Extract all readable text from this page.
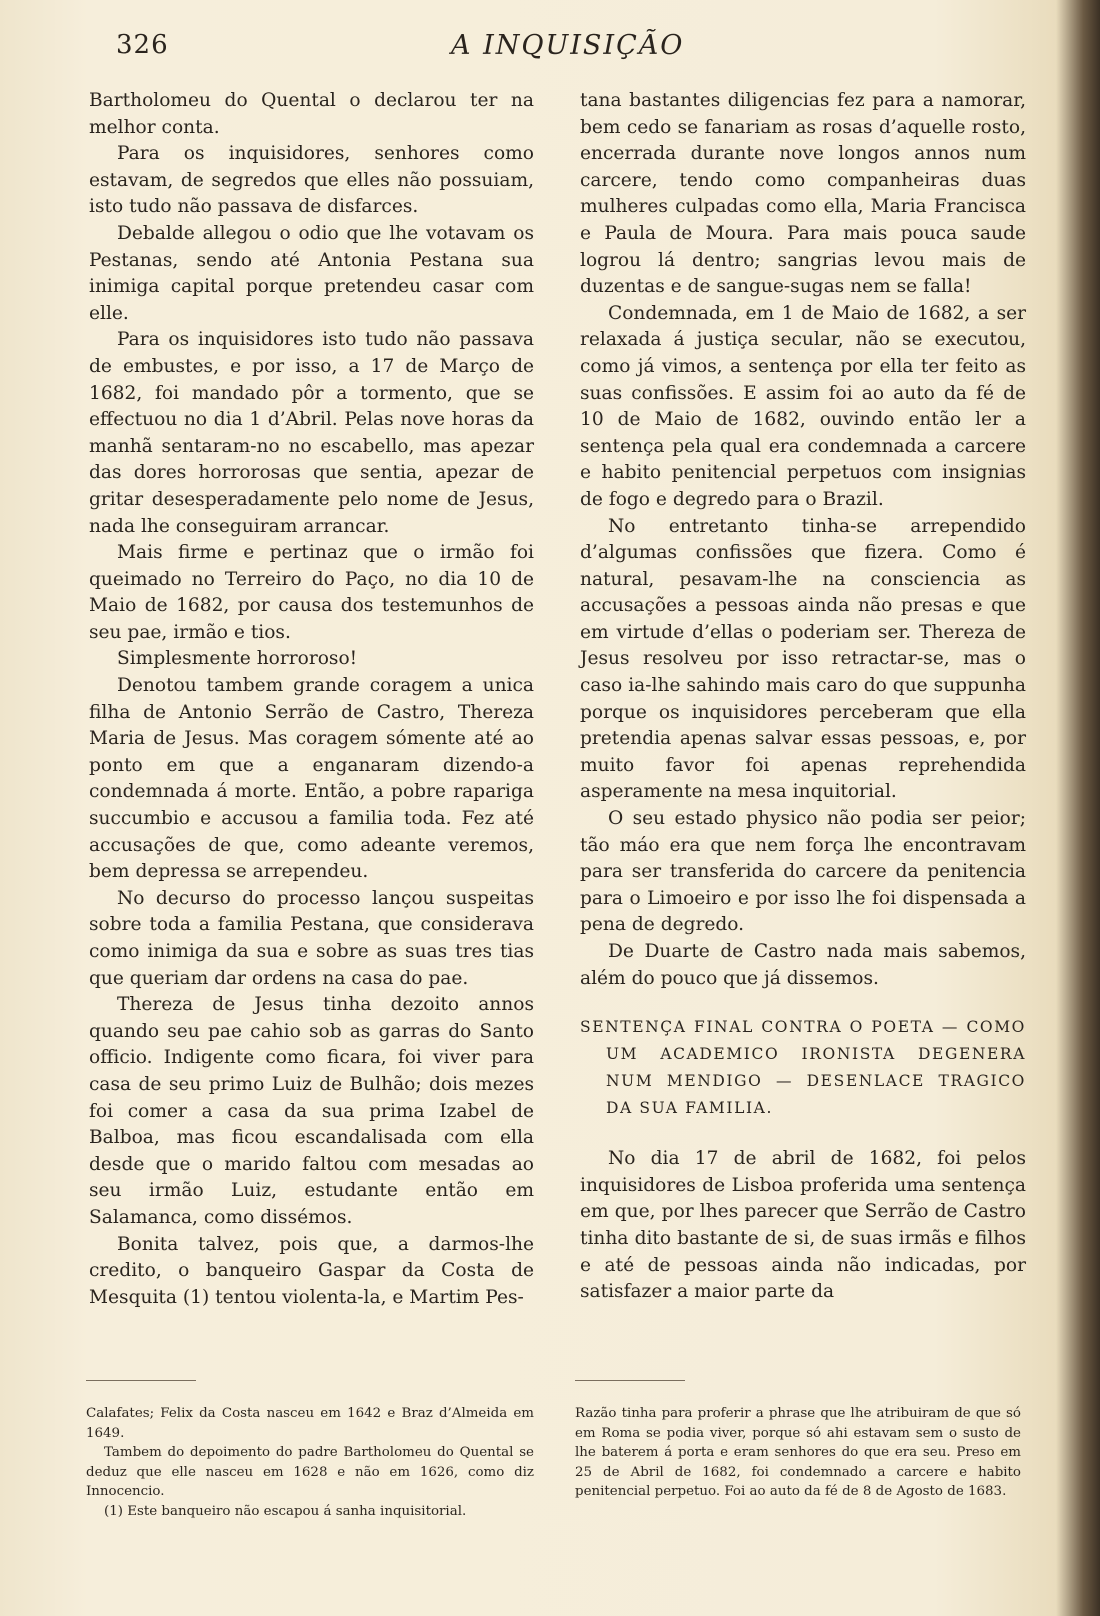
326	A INQUISIÇÃO

Bartholomeu do Quental o declarou ter na melhor conta.

Para os inquisidores, senhores como estavam, de segredos que elles não possuiam, isto tudo não passava de disfarces.

Debalde allegou o odio que lhe votavam os Pestanas, sendo até Antonia Pestana sua inimiga capital porque pretendeu casar com elle.

Para os inquisidores isto tudo não passava de embustes, e por isso, a 17 de Março de 1682, foi mandado pôr a tormento, que se effectuou no dia 1 d’Abril. Pelas nove horas da manhã sentaram-no no escabello, mas apezar das dores horrorosas que sentia, apezar de gritar desesperadamente pelo nome de Jesus, nada lhe conseguiram arrancar.

Mais firme e pertinaz que o irmão foi queimado no Terreiro do Paço, no dia 10 de Maio de 1682, por causa dos testemunhos de seu pae, irmão e tios.

Simplesmente horroroso!

Denotou tambem grande coragem a unica filha de Antonio Serrão de Castro, Thereza Maria de Jesus. Mas coragem sómente até ao ponto em que a enganaram dizendo-a condemnada á morte. Então, a pobre rapariga succumbio e accusou a familia toda. Fez até accusações de que, como adeante veremos, bem depressa se arrependeu.

No decurso do processo lançou suspeitas sobre toda a familia Pestana, que considerava como inimiga da sua e sobre as suas tres tias que queriam dar ordens na casa do pae.

Thereza de Jesus tinha dezoito annos quando seu pae cahio sob as garras do Santo officio. Indigente como ficara, foi viver para casa de seu primo Luiz de Bulhão; dois mezes foi comer a casa da sua prima Izabel de Balboa, mas ficou escandalisada com ella desde que o marido faltou com mesadas ao seu irmão Luiz, estudante então em Salamanca, como dissémos.

Bonita talvez, pois que, a darmos-lhe credito, o banqueiro Gaspar da Costa de Mesquita (1) tentou violenta-la, e Martim Pes-

tana bastantes diligencias fez para a namorar, bem cedo se fanariam as rosas d’aquelle rosto, encerrada durante nove longos annos num carcere, tendo como companheiras duas mulheres culpadas como ella, Maria Francisca e Paula de Moura. Para mais pouca saude logrou lá dentro; sangrias levou mais de duzentas e de sangue-sugas nem se falla!

Condemnada, em 1 de Maio de 1682, a ser relaxada á justiça secular, não se executou, como já vimos, a sentença por ella ter feito as suas confissões. E assim foi ao auto da fé de 10 de Maio de 1682, ouvindo então ler a sentença pela qual era condemnada a carcere e habito penitencial perpetuos com insignias de fogo e degredo para o Brazil.

No entretanto tinha-se arrependido d’algumas confissões que fizera. Como é natural, pesavam-lhe na consciencia as accusações a pessoas ainda não presas e que em virtude d’ellas o poderiam ser. Thereza de Jesus resolveu por isso retractar-se, mas o caso ia-lhe sahindo mais caro do que suppunha porque os inquisidores perceberam que ella pretendia apenas salvar essas pessoas, e, por muito favor foi apenas reprehendida asperamente na mesa inquitorial.

O seu estado physico não podia ser peior; tão máo era que nem força lhe encontravam para ser transferida do carcere da penitencia para o Limoeiro e por isso lhe foi dispensada a pena de degredo.

De Duarte de Castro nada mais sabemos, além do pouco que já dissemos.

SENTENÇA FINAL CONTRA O POETA — COMO UM ACADEMICO IRONISTA DEGENERA NUM MENDIGO — DESENLACE TRAGICO DA SUA FAMILIA.

No dia 17 de abril de 1682, foi pelos inquisidores de Lisboa proferida uma sentença em que, por lhes parecer que Serrão de Castro tinha dito bastante de si, de suas irmãs e filhos e até de pessoas ainda não indicadas, por satisfazer a maior parte da

Calafates; Felix da Costa nasceu em 1642 e Braz d’Almeida em 1649.

Tambem do depoimento do padre Bartholomeu do Quental se deduz que elle nasceu em 1628 e não em 1626, como diz Innocencio.

(1) Este banqueiro não escapou á sanha inquisitorial.

Razão tinha para proferir a phrase que lhe atribuiram de que só em Roma se podia viver, porque só ahi estavam sem o susto de lhe baterem á porta e eram senhores do que era seu. Preso em 25 de Abril de 1682, foi condemnado a carcere e habito penitencial perpetuo. Foi ao auto da fé de 8 de Agosto de 1683.
